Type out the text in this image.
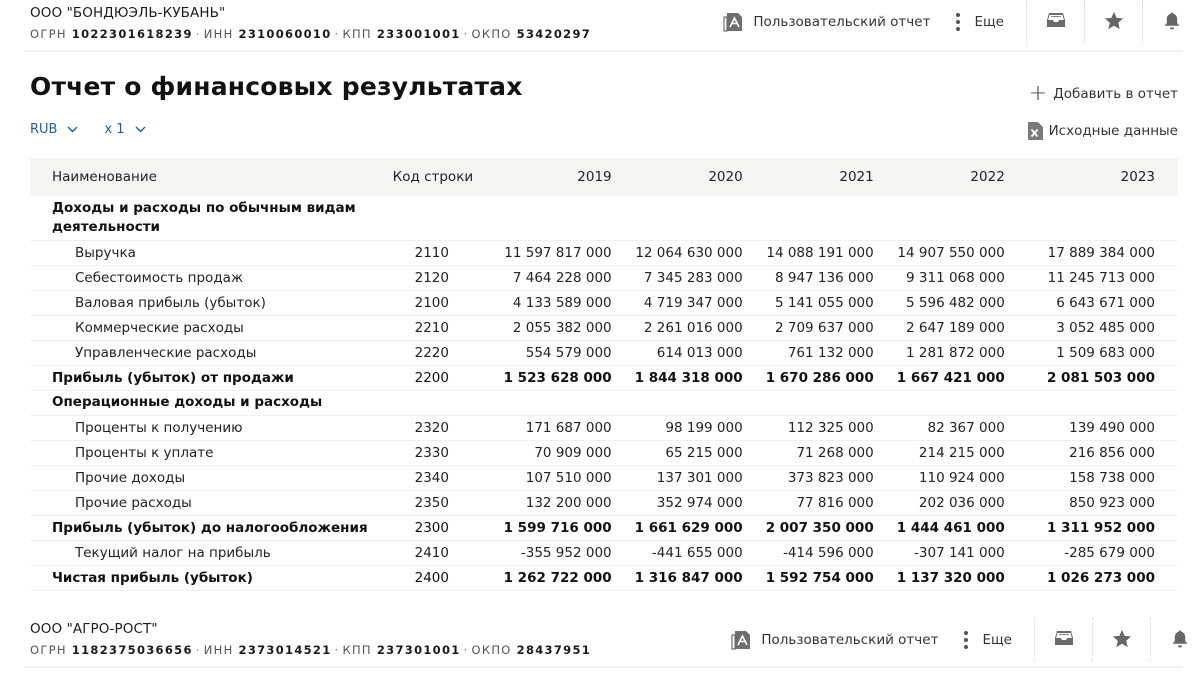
ООО "БОНДЮЭЛЬ-КУБАНЬ"
ОГРН 1022301618239 · ИНН 2310060010 · КПП 233001001 · ОКПО 53420297
Пользовательский отчет	Еще
Отчет о финансовых результатах	+ Добавить в отчет
Исходные данные
RUB	x 1
Наименование	Код строки	2019	2020	2021	2022	2023
Доходы и расходы по обычным видам деятельности						
Выручка	2110	11 597 817 000	12 064 630 000	14 088 191 000	14 907 550 000	17 889 384 000
Себестоимость продаж	2120	7 464 228 000	7 345 283 000	8 947 136 000	9 311 068 000	11 245 713 000
Валовая прибыль (убыток)	2100	4 133 589 000	4 719 347 000	5 141 055 000	5 596 482 000	6 643 671 000
Коммерческие расходы	2210	2 055 382 000	2 261 016 000	2 709 637 000	2 647 189 000	3 052 485 000
Управленческие расходы	2220	554 579 000	614 013 000	761 132 000	1 281 872 000	1 509 683 000
Прибыль (убыток) от продажи	2200	1 523 628 000	1 844 318 000	1 670 286 000	1 667 421 000	2 081 503 000
Операционные доходы и расходы						
Проценты к получению	2320	171 687 000	98 199 000	112 325 000	82 367 000	139 490 000
Проценты к уплате	2330	70 909 000	65 215 000	71 268 000	214 215 000	216 856 000
Прочие доходы	2340	107 510 000	137 301 000	373 823 000	110 924 000	158 738 000
Прочие расходы	2350	132 200 000	352 974 000	77 816 000	202 036 000	850 923 000
Прибыль (убыток) до налогообложения	2300	1 599 716 000	1 661 629 000	2 007 350 000	1 444 461 000	1 311 952 000
Текущий налог на прибыль	2410	-355 952 000	-441 655 000	-414 596 000	-307 141 000	-285 679 000
Чистая прибыль (убыток)	2400	1 262 722 000	1 316 847 000	1 592 754 000	1 137 320 000	1 026 273 000
ООО "АГРО-РОСТ"
ОГРН 1182375036656 · ИНН 2373014521 · КПП 237301001 · ОКПО 28437951
Пользовательский отчет	Еще
